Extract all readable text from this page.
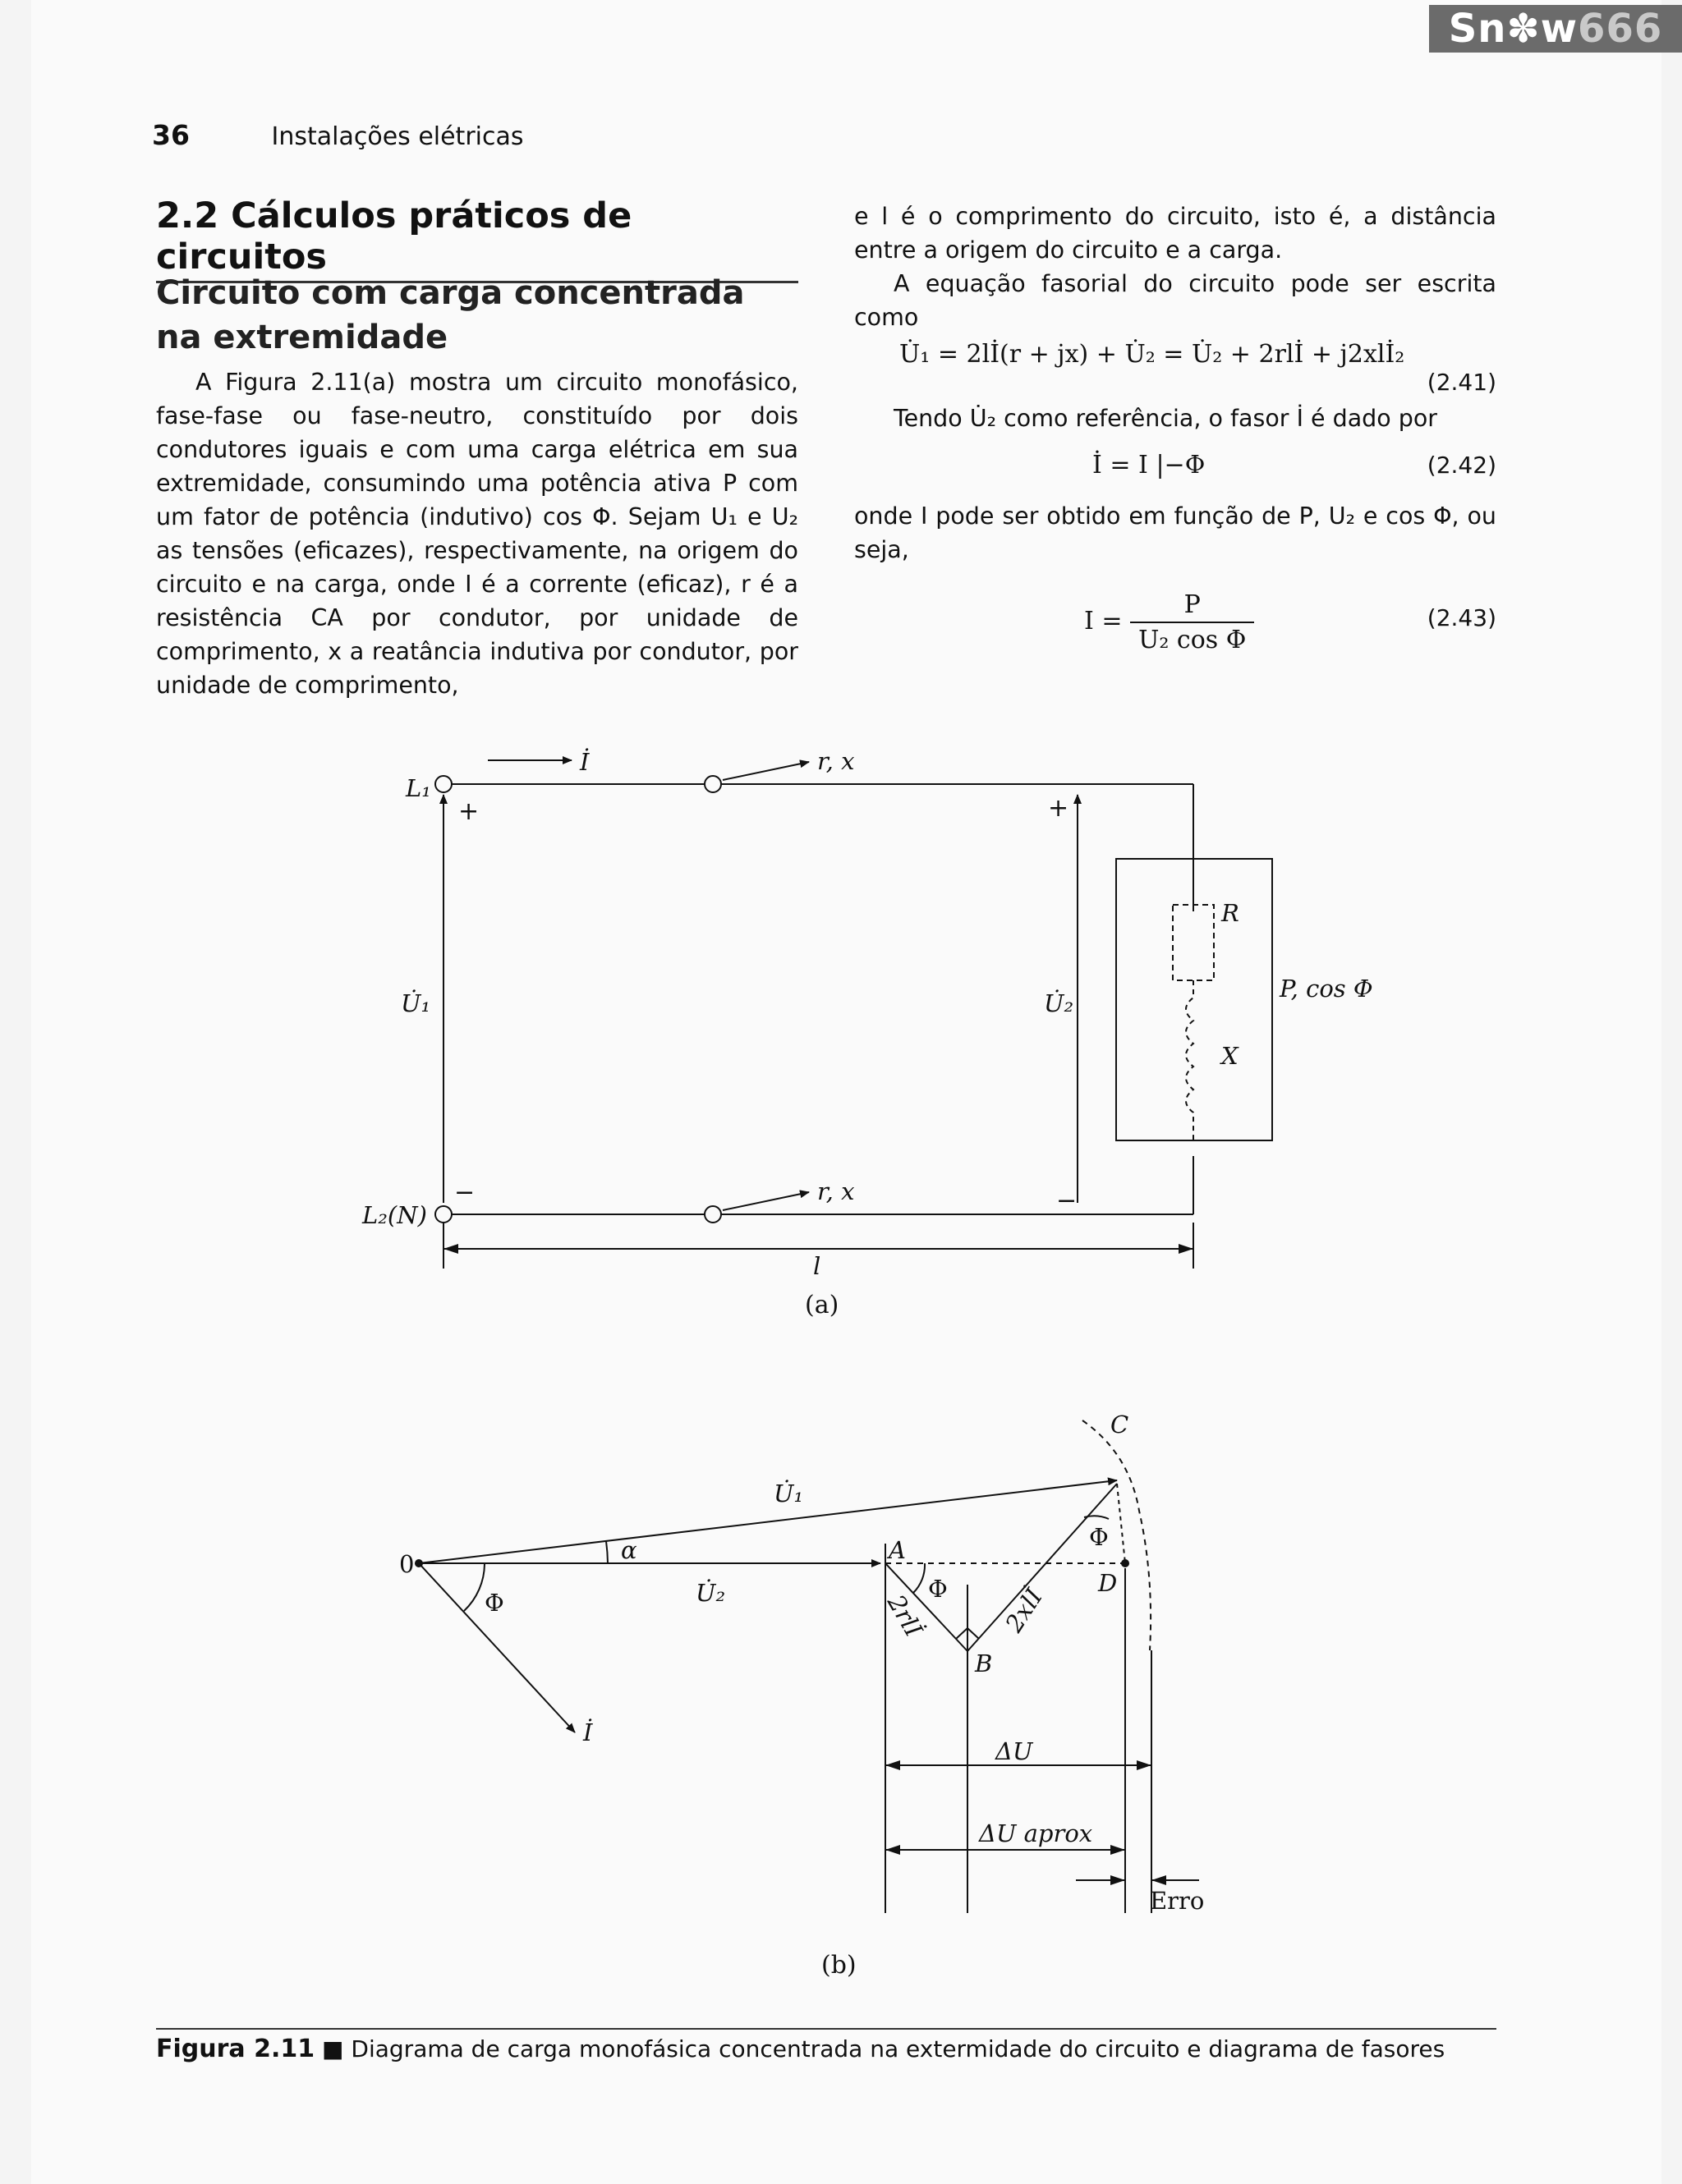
Sn✽w666
36	Instalações elétricas
2.2 Cálculos práticos de circuitos
Circuito com carga concentrada na extremidade

A Figura 2.11(a) mostra um circuito monofásico, fase-fase ou fase-neutro, constituído por dois condutores iguais e com uma carga elétrica em sua extremidade, consumindo uma potência ativa P com um fator de potência (indutivo) cos Φ. Sejam U₁ e U₂ as tensões (eficazes), respectivamente, na origem do circuito e na carga, onde I é a corrente (eficaz), r é a resistência CA por condutor, por unidade de comprimento, x a reatância indutiva por condutor, por unidade de comprimento,

e l é o comprimento do circuito, isto é, a distância entre a origem do circuito e a carga.

A equação fasorial do circuito pode ser escrita como

U̇₁ = 2lİ(r + jx) + U̇₂ = U̇₂ + 2rlİ + j2xlİ₂
(2.41)

Tendo U̇₂ como referência, o fasor İ é dado por

İ = I |−Φ	(2.42)

onde I pode ser obtido em função de P, U₂ e cos Φ, ou seja,

$I = \frac{P}{\text{U₂ cos Φ}}$	(2.43)
İ	r, x
r, x
L₁
L₂(N)
U̇₁	U̇₂
R
X
P, cos Φ
l
+	+
−	−
(a)
0	α
Φ
U̇₁
U̇₂
İ
A
B
C
D
Φ
Φ
2rlİ	2xlİ
ΔU
ΔU aprox
Erro
(b)
Figura 2.11 ■ Diagrama de carga monofásica concentrada na extermidade do circuito e diagrama de fasores
